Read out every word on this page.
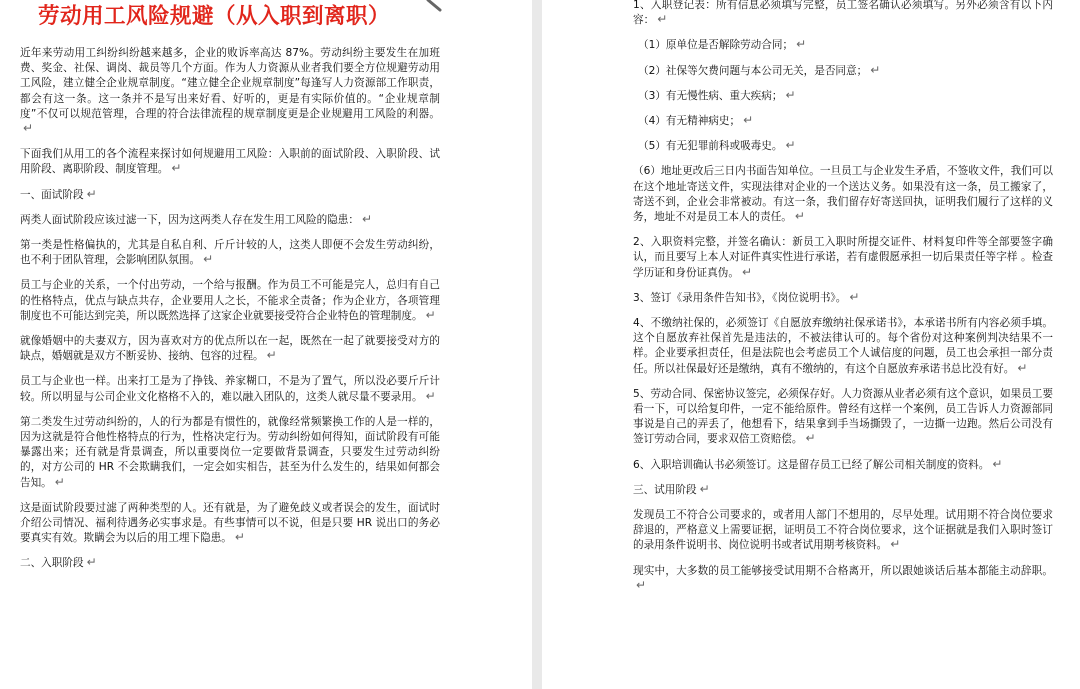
劳动用工风险规避（从入职到离职）
近年来劳动用工纠纷纠纷越来越多，企业的败诉率高达 87%。劳动纠纷主要发生在加班费、奖金、社保、调岗、裁员等几个方面。作为人力资源从业者我们要全方位规避劳动用工风险，建立健全企业规章制度。“建立健全企业规章制度”每逢写人力资源部工作职责，都会有这一条。这一条并不是写出来好看、好听的，更是有实际价值的。“企业规章制度”不仅可以规范管理，合理的符合法律流程的规章制度更是企业规避用工风险的利器。↵
下面我们从用工的各个流程来探讨如何规避用工风险：入职前的面试阶段、入职阶段、试用阶段、离职阶段、制度管理。 ↵
一、面试阶段 ↵
两类人面试阶段应该过滤一下，因为这两类人存在发生用工风险的隐患： ↵
第一类是性格偏执的，尤其是自私自利、斤斤计较的人，这类人即便不会发生劳动纠纷，也不利于团队管理，会影响团队氛围。 ↵
员工与企业的关系，一个付出劳动，一个给与报酬。作为员工不可能是完人，总归有自己的性格特点，优点与缺点共存，企业要用人之长，不能求全责备；作为企业方，各项管理制度也不可能达到完美，所以既然选择了这家企业就要接受符合企业特色的管理制度。 ↵
就像婚姻中的夫妻双方，因为喜欢对方的优点所以在一起，既然在一起了就要接受对方的缺点，婚姻就是双方不断妥协、接纳、包容的过程。 ↵
员工与企业也一样。出来打工是为了挣钱、养家糊口，不是为了置气，所以没必要斤斤计较。所以明显与公司企业文化格格不入的，难以融入团队的，这类人就尽量不要录用。 ↵
第二类发生过劳动纠纷的，人的行为都是有惯性的，就像经常频繁换工作的人是一样的，因为这就是符合他性格特点的行为，性格决定行为。劳动纠纷如何得知，面试阶段有可能暴露出来；还有就是背景调查，所以重要岗位一定要做背景调查，只要发生过劳动纠纷的，对方公司的 HR 不会欺瞒我们，一定会如实相告，甚至为什么发生的，结果如何都会告知。 ↵
这是面试阶段要过滤了两种类型的人。还有就是，为了避免歧义或者误会的发生，面试时介绍公司情况、福利待遇务必实事求是。有些事情可以不说，但是只要 HR 说出口的务必要真实有效。欺瞒会为以后的用工埋下隐患。 ↵
二、入职阶段 ↵
1、入职登记表：所有信息必须填写完整，员工签名确认必须填写。另外必须含有以下内容： ↵
（1）原单位是否解除劳动合同； ↵
（2）社保等欠费问题与本公司无关，是否同意； ↵
（3）有无慢性病、重大疾病； ↵
（4）有无精神病史； ↵
（5）有无犯罪前科或吸毒史。 ↵
（6）地址更改后三日内书面告知单位。一旦员工与企业发生矛盾，不签收文件，我们可以在这个地址寄送文件，实现法律对企业的一个送达义务。如果没有这一条，员工搬家了，寄送不到，企业会非常被动。有这一条，我们留存好寄送回执，证明我们履行了这样的义务，地址不对是员工本人的责任。 ↵
2、入职资料完整，并签名确认：新员工入职时所提交证件、材料复印件等全部要签字确认，而且要写上本人对证件真实性进行承诺，若有虚假愿承担一切后果责任等字样 。检查学历证和身份证真伪。 ↵
3、签订《录用条件告知书》，《岗位说明书》。 ↵
4、不缴纳社保的，必须签订《自愿放弃缴纳社保承诺书》，本承诺书所有内容必须手填。这个自愿放弃社保首先是违法的，不被法律认可的。每个省份对这种案例判决结果不一样。企业要承担责任，但是法院也会考虑员工个人诚信度的问题，员工也会承担一部分责任。所以社保最好还是缴纳，真有不缴纳的，有这个自愿放弃承诺书总比没有好。 ↵
5、劳动合同、保密协议签完，必须保存好。人力资源从业者必须有这个意识，如果员工要看一下，可以给复印件，一定不能给原件。曾经有这样一个案例，员工告诉人力资源部同事说是自己的弄丢了，他想看下，结果拿到手当场撕毁了，一边撕一边跑。然后公司没有签订劳动合同，要求双倍工资赔偿。 ↵
6、入职培训确认书必须签订。这是留存员工已经了解公司相关制度的资料。 ↵
三、试用阶段 ↵
发现员工不符合公司要求的，或者用人部门不想用的，尽早处理。试用期不符合岗位要求辞退的，严格意义上需要证据，证明员工不符合岗位要求，这个证据就是我们入职时签订的录用条件说明书、岗位说明书或者试用期考核资料。 ↵
现实中，大多数的员工能够接受试用期不合格离开，所以跟她谈话后基本都能主动辞职。↵
